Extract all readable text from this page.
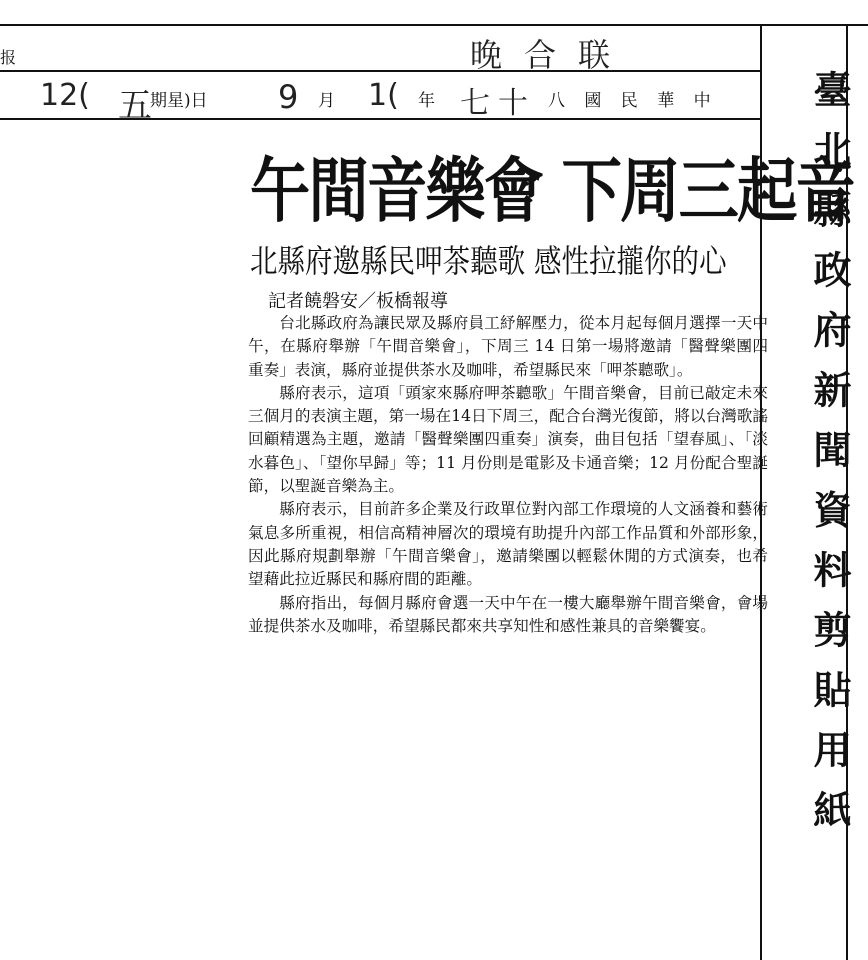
报	晚合联
12( 五
期星)日 9 月 1( 年 七十 八 國 民 華 中	臺北縣政府新聞資料剪貼用紙
午間音樂會 下周三起音
北縣府邀縣民呷茶聽歌 感性拉攏你的心
記者饒磐安／板橋報導

台北縣政府為讓民眾及縣府員工紓解壓力，從本月起每個月選擇一天中午，在縣府舉辦「午間音樂會」，下周三 14 日第一場將邀請「醫聲樂團四重奏」表演，縣府並提供茶水及咖啡，希望縣民來「呷茶聽歌」。

縣府表示，這項「頭家來縣府呷茶聽歌」午間音樂會，目前已敲定未來三個月的表演主題，第一場在14日下周三，配合台灣光復節，將以台灣歌謠回顧精選為主題，邀請「醫聲樂團四重奏」演奏，曲目包括「望春風」、「淡水暮色」、「望你早歸」等；11 月份則是電影及卡通音樂；12 月份配合聖誕節，以聖誕音樂為主。

縣府表示，目前許多企業及行政單位對內部工作環境的人文涵養和藝術氣息多所重視，相信高精神層次的環境有助提升內部工作品質和外部形象，因此縣府規劃舉辦「午間音樂會」，邀請樂團以輕鬆休閒的方式演奏，也希望藉此拉近縣民和縣府間的距離。

縣府指出，每個月縣府會選一天中午在一樓大廳舉辦午間音樂會，會場並提供茶水及咖啡，希望縣民都來共享知性和感性兼具的音樂饗宴。
